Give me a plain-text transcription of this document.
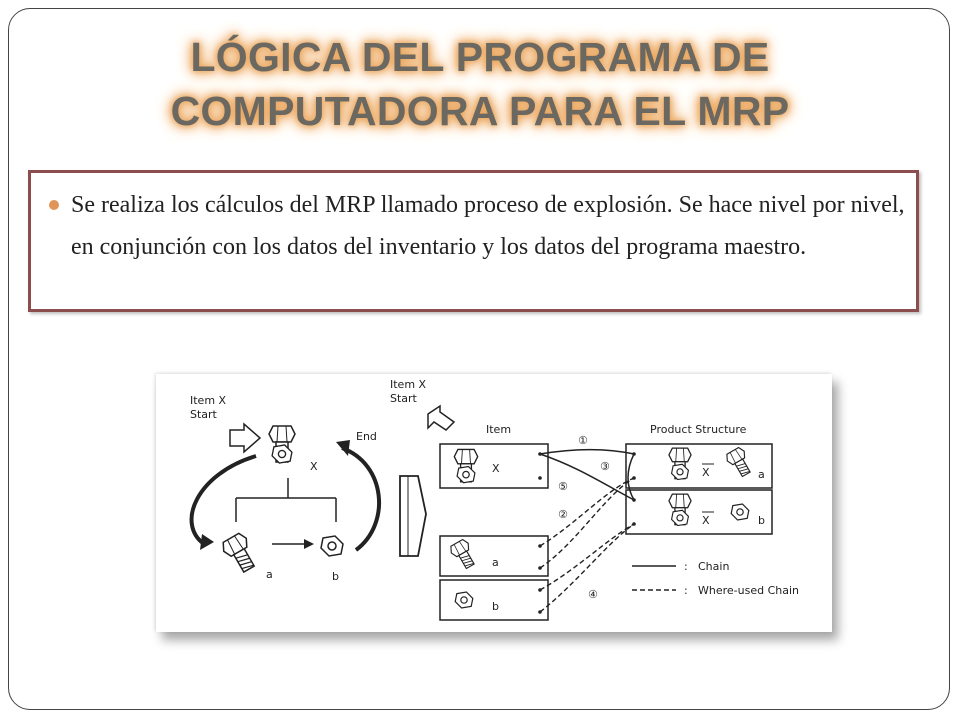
LÓGICA DEL PROGRAMA DE
COMPUTADORA PARA EL MRP
Se realiza los cálculos del MRP llamado proceso de explosión. Se hace nivel por nivel, en conjunción con los datos del inventario y los datos del programa maestro.
Item X
Start
X
End
a	b
Item X
Start
Item	Product Structure
X
a
b
X	a
X	b
①
③
⑤
②
④
: Chain
: Where-used Chain
